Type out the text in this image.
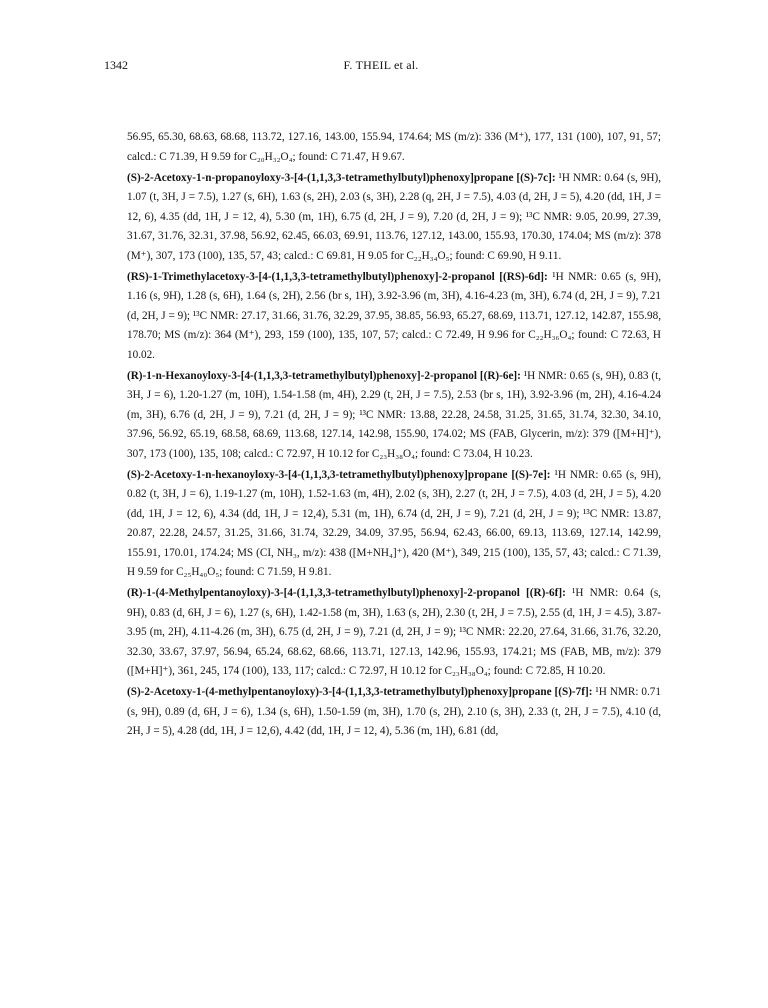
1342	F. THEIL et al.

56.95, 65.30, 68.63, 68.68, 113.72, 127.16, 143.00, 155.94, 174.64; MS (m/z): 336 (M⁺), 177, 131 (100), 107, 91, 57; calcd.: C 71.39, H 9.59 for C₂₀H₃₂O₄; found: C 71.47, H 9.67.

(S)-2-Acetoxy-1-n-propanoyloxy-3-[4-(1,1,3,3-tetramethylbutyl)phenoxy]propane [(S)-7c]: ¹H NMR: 0.64 (s, 9H), 1.07 (t, 3H, J = 7.5), 1.27 (s, 6H), 1.63 (s, 2H), 2.03 (s, 3H), 2.28 (q, 2H, J = 7.5), 4.03 (d, 2H, J = 5), 4.20 (dd, 1H, J = 12, 6), 4.35 (dd, 1H, J = 12, 4), 5.30 (m, 1H), 6.75 (d, 2H, J = 9), 7.20 (d, 2H, J = 9); ¹³C NMR: 9.05, 20.99, 27.39, 31.67, 31.76, 32.31, 37.98, 56.92, 62.45, 66.03, 69.91, 113.76, 127.12, 143.00, 155.93, 170.30, 174.04; MS (m/z): 378 (M⁺), 307, 173 (100), 135, 57, 43; calcd.: C 69.81, H 9.05 for C₂₂H₃₄O₅; found: C 69.90, H 9.11.

(RS)-1-Trimethylacetoxy-3-[4-(1,1,3,3-tetramethylbutyl)phenoxy]-2-propanol [(RS)-6d]: ¹H NMR: 0.65 (s, 9H), 1.16 (s, 9H), 1.28 (s, 6H), 1.64 (s, 2H), 2.56 (br s, 1H), 3.92-3.96 (m, 3H), 4.16-4.23 (m, 3H), 6.74 (d, 2H, J = 9), 7.21 (d, 2H, J = 9); ¹³C NMR: 27.17, 31.66, 31.76, 32.29, 37.95, 38.85, 56.93, 65.27, 68.69, 113.71, 127.12, 142.87, 155.98, 178.70; MS (m/z): 364 (M⁺), 293, 159 (100), 135, 107, 57; calcd.: C 72.49, H 9.96 for C₂₂H₃₆O₄; found: C 72.63, H 10.02.

(R)-1-n-Hexanoyloxy-3-[4-(1,1,3,3-tetramethylbutyl)phenoxy]-2-propanol [(R)-6e]: ¹H NMR: 0.65 (s, 9H), 0.83 (t, 3H, J = 6), 1.20-1.27 (m, 10H), 1.54-1.58 (m, 4H), 2.29 (t, 2H, J = 7.5), 2.53 (br s, 1H), 3.92-3.96 (m, 2H), 4.16-4.24 (m, 3H), 6.76 (d, 2H, J = 9), 7.21 (d, 2H, J = 9); ¹³C NMR: 13.88, 22.28, 24.58, 31.25, 31.65, 31.74, 32.30, 34.10, 37.96, 56.92, 65.19, 68.58, 68.69, 113.68, 127.14, 142.98, 155.90, 174.02; MS (FAB, Glycerin, m/z): 379 ([M+H]⁺), 307, 173 (100), 135, 108; calcd.: C 72.97, H 10.12 for C₂₃H₃₈O₄; found: C 73.04, H 10.23.

(S)-2-Acetoxy-1-n-hexanoyloxy-3-[4-(1,1,3,3-tetramethylbutyl)phenoxy]propane [(S)-7e]: ¹H NMR: 0.65 (s, 9H), 0.82 (t, 3H, J = 6), 1.19-1.27 (m, 10H), 1.52-1.63 (m, 4H), 2.02 (s, 3H), 2.27 (t, 2H, J = 7.5), 4.03 (d, 2H, J = 5), 4.20 (dd, 1H, J = 12, 6), 4.34 (dd, 1H, J = 12,4), 5.31 (m, 1H), 6.74 (d, 2H, J = 9), 7.21 (d, 2H, J = 9); ¹³C NMR: 13.87, 20.87, 22.28, 24.57, 31.25, 31.66, 31.74, 32.29, 34.09, 37.95, 56.94, 62.43, 66.00, 69.13, 113.69, 127.14, 142.99, 155.91, 170.01, 174.24; MS (CI, NH₃, m/z): 438 ([M+NH₄]⁺), 420 (M⁺), 349, 215 (100), 135, 57, 43; calcd.: C 71.39, H 9.59 for C₂₅H₄₀O₅; found: C 71.59, H 9.81.

(R)-1-(4-Methylpentanoyloxy)-3-[4-(1,1,3,3-tetramethylbutyl)phenoxy]-2-propanol [(R)-6f]: ¹H NMR: 0.64 (s, 9H), 0.83 (d, 6H, J = 6), 1.27 (s, 6H), 1.42-1.58 (m, 3H), 1.63 (s, 2H), 2.30 (t, 2H, J = 7.5), 2.55 (d, 1H, J = 4.5), 3.87-3.95 (m, 2H), 4.11-4.26 (m, 3H), 6.75 (d, 2H, J = 9), 7.21 (d, 2H, J = 9); ¹³C NMR: 22.20, 27.64, 31.66, 31.76, 32.20, 32.30, 33.67, 37.97, 56.94, 65.24, 68.62, 68.66, 113.71, 127.13, 142.96, 155.93, 174.21; MS (FAB, MB, m/z): 379 ([M+H]⁺), 361, 245, 174 (100), 133, 117; calcd.: C 72.97, H 10.12 for C₂₃H₃₈O₄; found: C 72.85, H 10.20.

(S)-2-Acetoxy-1-(4-methylpentanoyloxy)-3-[4-(1,1,3,3-tetramethylbutyl)phenoxy]propane [(S)-7f]: ¹H NMR: 0.71 (s, 9H), 0.89 (d, 6H, J = 6), 1.34 (s, 6H), 1.50-1.59 (m, 3H), 1.70 (s, 2H), 2.10 (s, 3H), 2.33 (t, 2H, J = 7.5), 4.10 (d, 2H, J = 5), 4.28 (dd, 1H, J = 12,6), 4.42 (dd, 1H, J = 12, 4), 5.36 (m, 1H), 6.81 (dd,
